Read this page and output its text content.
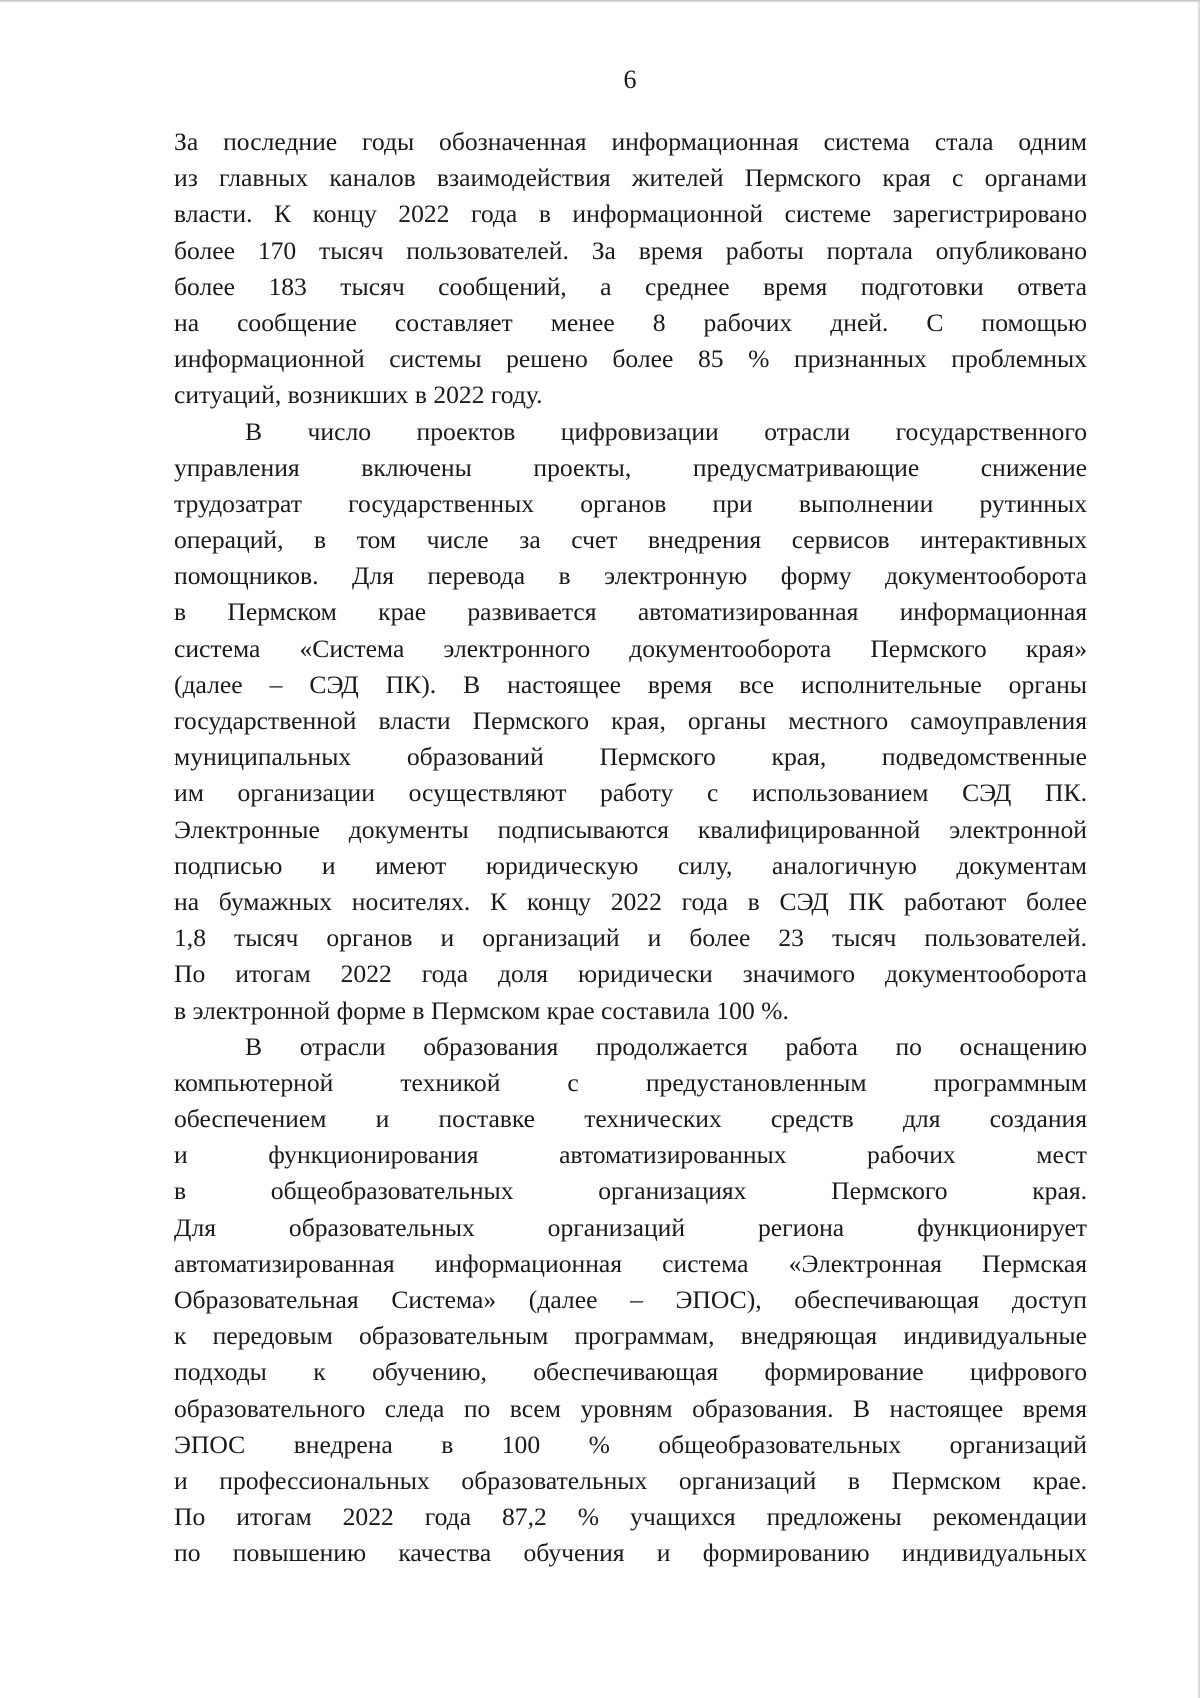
6
За последние годы обозначенная информационная система стала одним
из главных каналов взаимодействия жителей Пермского края с органами
власти. К концу 2022 года в информационной системе зарегистрировано
более 170 тысяч пользователей. За время работы портала опубликовано
более 183 тысяч сообщений, а среднее время подготовки ответа
на сообщение составляет менее 8 рабочих дней. С помощью
информационной системы решено более 85 % признанных проблемных
ситуаций, возникших в 2022 году.
В число проектов цифровизации отрасли государственного
управления включены проекты, предусматривающие снижение
трудозатрат государственных органов при выполнении рутинных
операций, в том числе за счет внедрения сервисов интерактивных
помощников. Для перевода в электронную форму документооборота
в Пермском крае развивается автоматизированная информационная
система «Система электронного документооборота Пермского края»
(далее – СЭД ПК). В настоящее время все исполнительные органы
государственной власти Пермского края, органы местного самоуправления
муниципальных образований Пермского края, подведомственные
им организации осуществляют работу с использованием СЭД ПК.
Электронные документы подписываются квалифицированной электронной
подписью и имеют юридическую силу, аналогичную документам
на бумажных носителях. К концу 2022 года в СЭД ПК работают более
1,8 тысяч органов и организаций и более 23 тысяч пользователей.
По итогам 2022 года доля юридически значимого документооборота
в электронной форме в Пермском крае составила 100 %.
В отрасли образования продолжается работа по оснащению
компьютерной техникой с предустановленным программным
обеспечением и поставке технических средств для создания
и функционирования автоматизированных рабочих мест
в общеобразовательных организациях Пермского края.
Для образовательных организаций региона функционирует
автоматизированная информационная система «Электронная Пермская
Образовательная Система» (далее – ЭПОС), обеспечивающая доступ
к передовым образовательным программам, внедряющая индивидуальные
подходы к обучению, обеспечивающая формирование цифрового
образовательного следа по всем уровням образования. В настоящее время
ЭПОС внедрена в 100 % общеобразовательных организаций
и профессиональных образовательных организаций в Пермском крае.
По итогам 2022 года 87,2 % учащихся предложены рекомендации
по повышению качества обучения и формированию индивидуальных
